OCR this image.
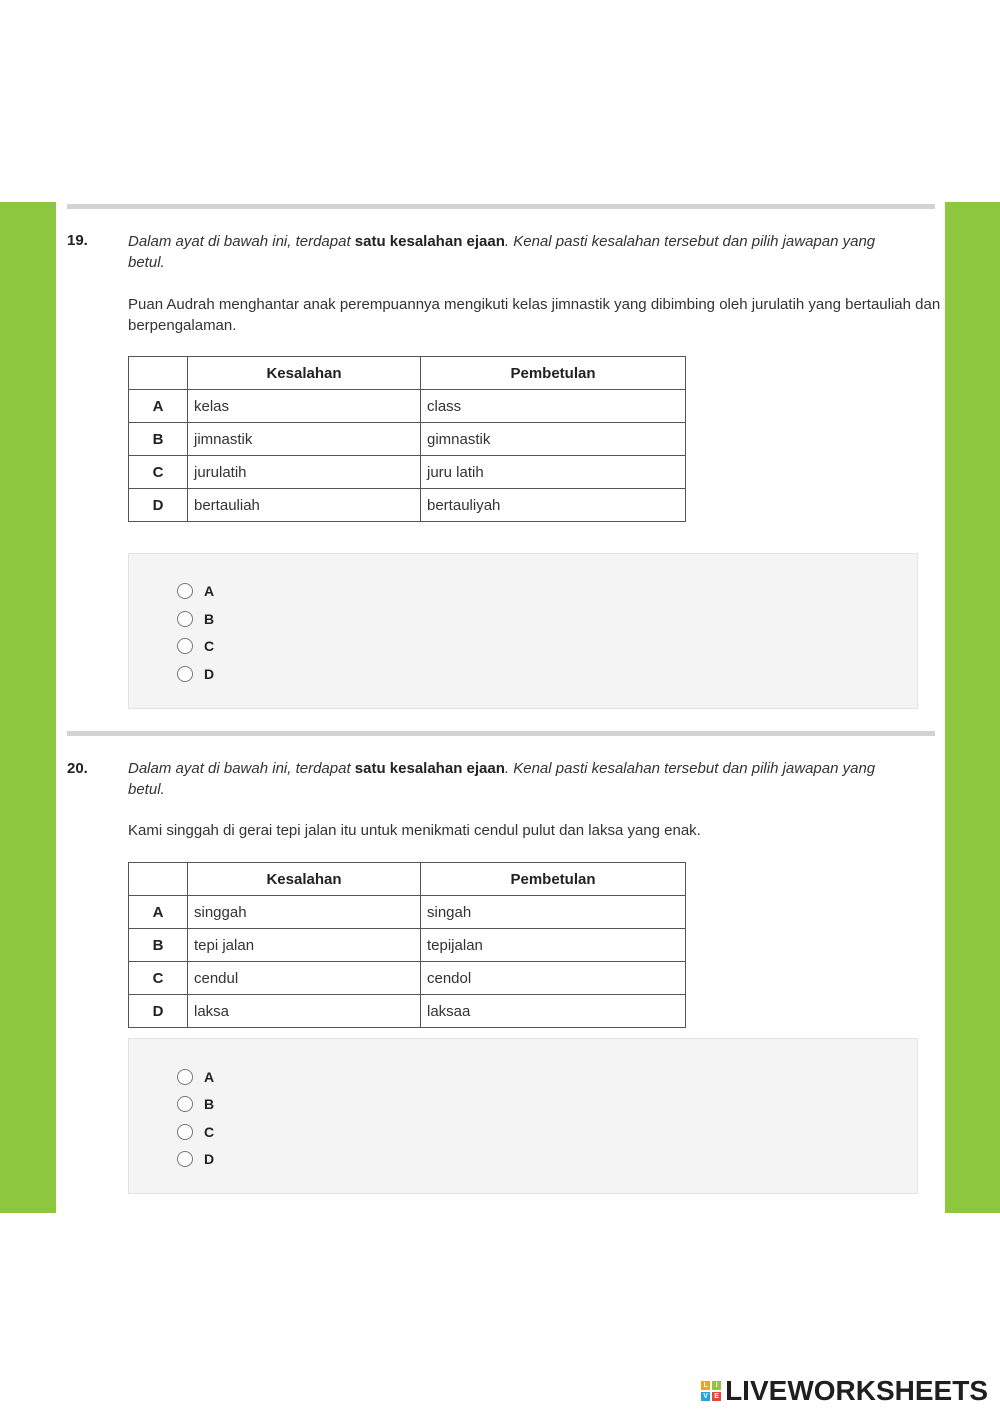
19.	Dalam ayat di bawah ini, terdapat satu kesalahan ejaan. Kenal pasti kesalahan tersebut dan pilih jawapan yang betul.
Puan Audrah menghantar anak perempuannya mengikuti kelas jimnastik yang dibimbing oleh jurulatih yang bertauliah dan berpengalaman.
	Kesalahan	Pembetulan
A	kelas	class
B	jimnastik	gimnastik
C	jurulatih	juru latih
D	bertauliah	bertauliyah
A
B
C
D
20.	Dalam ayat di bawah ini, terdapat satu kesalahan ejaan. Kenal pasti kesalahan tersebut dan pilih jawapan yang betul.
Kami singgah di gerai tepi jalan itu untuk menikmati cendul pulut dan laksa yang enak.
	Kesalahan	Pembetulan
A	singgah	singah
B	tepi jalan	tepijalan
C	cendul	cendol
D	laksa	laksaa
A
B
C
D
L	I
V E LIVEWORKSHEETS
